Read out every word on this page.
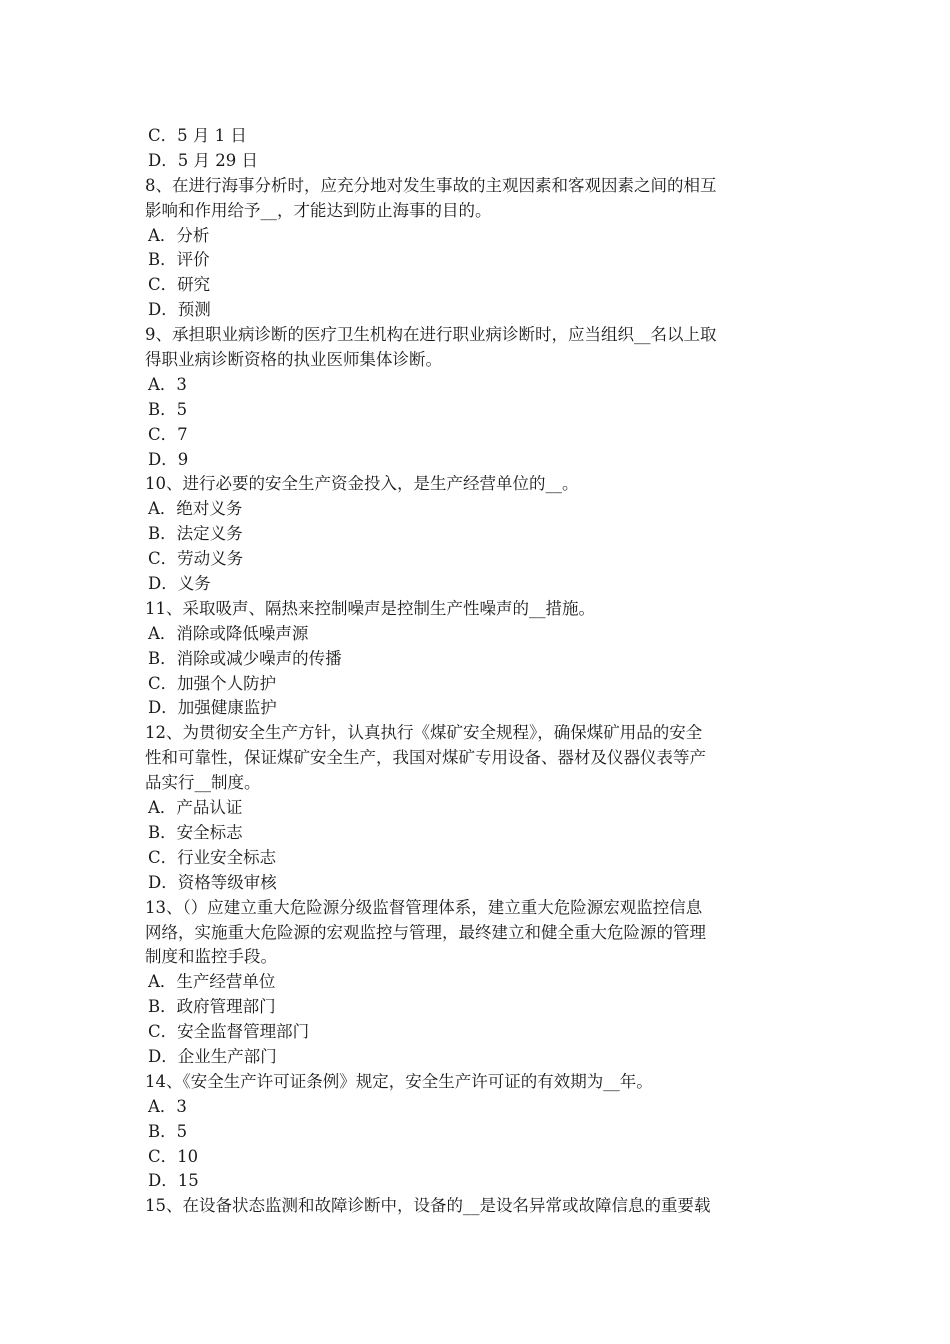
C．5 月 1 日
D．5 月 29 日
8、在进行海事分析时，应充分地对发生事故的主观因素和客观因素之间的相互
影响和作用给予__，才能达到防止海事的目的。
A．分析
B．评价
C．研究
D．预测
9、承担职业病诊断的医疗卫生机构在进行职业病诊断时，应当组织__名以上取
得职业病诊断资格的执业医师集体诊断。
A．3
B．5
C．7
D．9
10、进行必要的安全生产资金投入，是生产经营单位的__。
A．绝对义务
B．法定义务
C．劳动义务
D．义务
11、采取吸声、隔热来控制噪声是控制生产性噪声的__措施。
A．消除或降低噪声源
B．消除或减少噪声的传播
C．加强个人防护
D．加强健康监护
12、为贯彻安全生产方针，认真执行《煤矿安全规程》，确保煤矿用品的安全
性和可靠性，保证煤矿安全生产，我国对煤矿专用设备、器材及仪器仪表等产
品实行__制度。
A．产品认证
B．安全标志
C．行业安全标志
D．资格等级审核
13、（）应建立重大危险源分级监督管理体系，建立重大危险源宏观监控信息
网络，实施重大危险源的宏观监控与管理，最终建立和健全重大危险源的管理
制度和监控手段。
A．生产经营单位
B．政府管理部门
C．安全监督管理部门
D．企业生产部门
14、《安全生产许可证条例》规定，安全生产许可证的有效期为__年。
A．3
B．5
C．10
D．15
15、在设备状态监测和故障诊断中，设备的__是设名异常或故障信息的重要载
